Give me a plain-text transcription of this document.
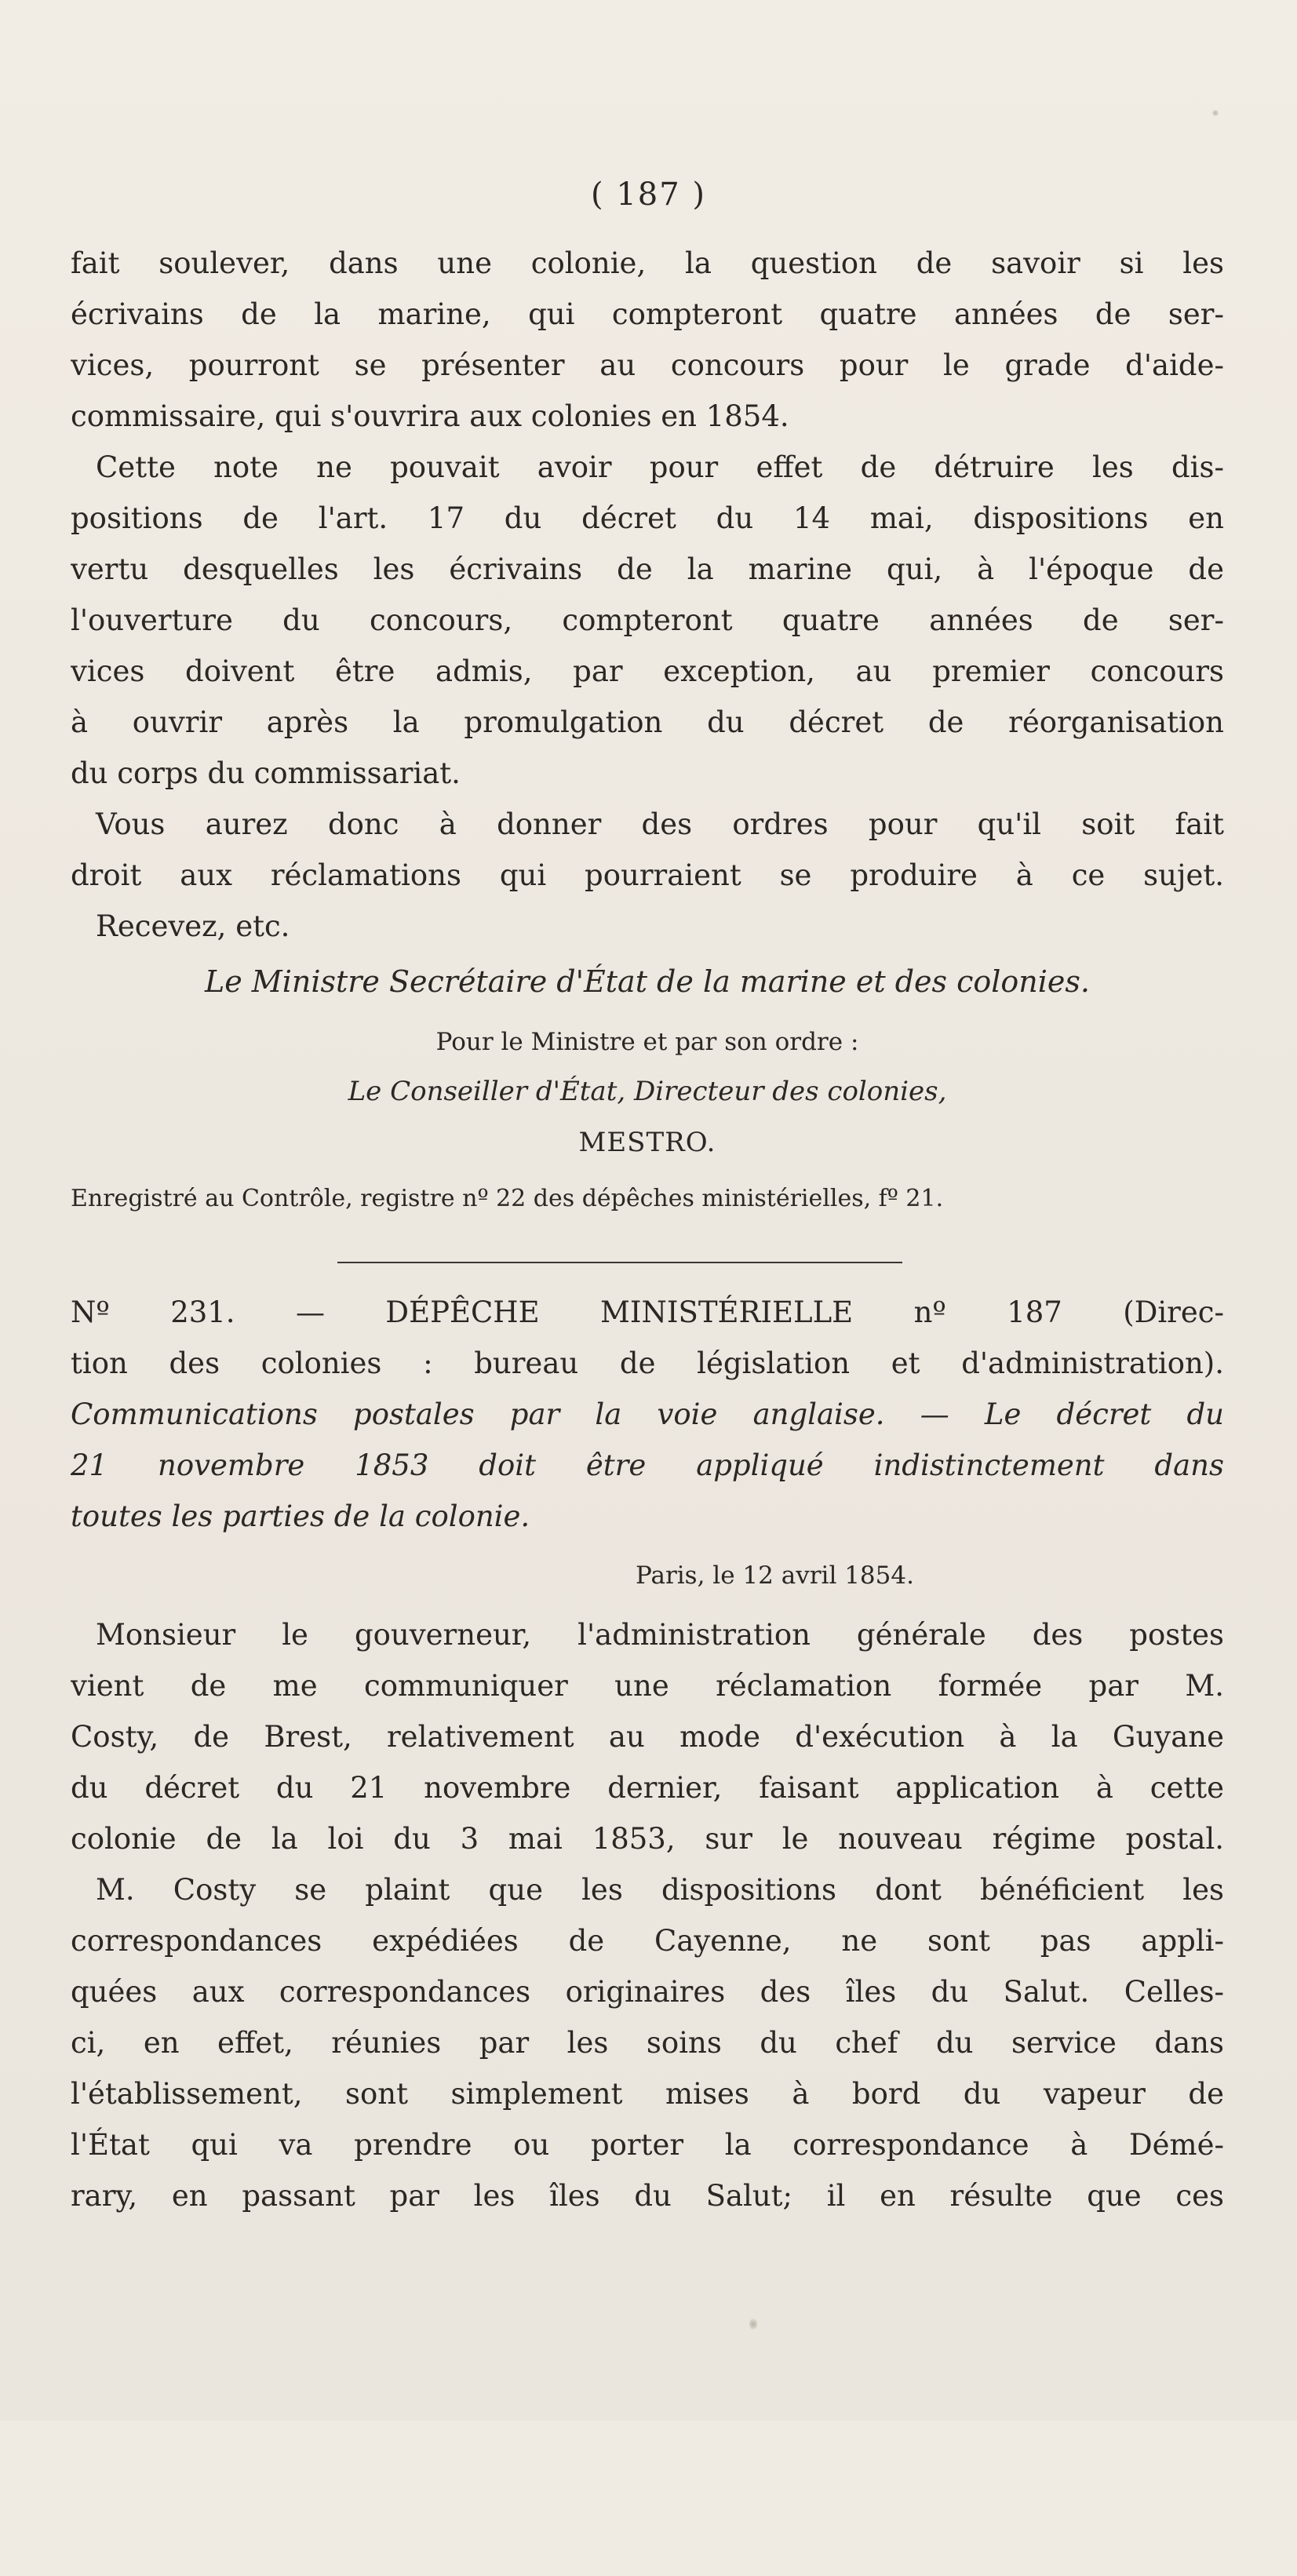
( 187 )
fait soulever, dans une colonie, la question de savoir si les
écrivains de la marine, qui compteront quatre années de ser-
vices, pourront se présenter au concours pour le grade d'aide-
commissaire, qui s'ouvrira aux colonies en 1854.
Cette note ne pouvait avoir pour effet de détruire les dis-
positions de l'art. 17 du décret du 14 mai, dispositions en
vertu desquelles les écrivains de la marine qui, à l'époque de
l'ouverture du concours, compteront quatre années de ser-
vices doivent être admis, par exception, au premier concours
à ouvrir après la promulgation du décret de réorganisation
du corps du commissariat.
Vous aurez donc à donner des ordres pour qu'il soit fait
droit aux réclamations qui pourraient se produire à ce sujet.
Recevez, etc.
Le Ministre Secrétaire d'État de la marine et des colonies.
Pour le Ministre et par son ordre :
Le Conseiller d'État, Directeur des colonies,
MESTRO.
Enregistré au Contrôle, registre nº 22 des dépêches ministérielles, fº 21.
Nº 231. — DÉPÊCHE MINISTÉRIELLE nº 187 (Direc-
tion des colonies : bureau de législation et d'administration).
Communications postales par la voie anglaise. — Le décret du
21 novembre 1853 doit être appliqué indistinctement dans
toutes les parties de la colonie.
Paris, le 12 avril 1854.
Monsieur le gouverneur, l'administration générale des postes
vient de me communiquer une réclamation formée par M.
Costy, de Brest, relativement au mode d'exécution à la Guyane
du décret du 21 novembre dernier, faisant application à cette
colonie de la loi du 3 mai 1853, sur le nouveau régime postal.
M. Costy se plaint que les dispositions dont bénéficient les
correspondances expédiées de Cayenne, ne sont pas appli-
quées aux correspondances originaires des îles du Salut. Celles-
ci, en effet, réunies par les soins du chef du service dans
l'établissement, sont simplement mises à bord du vapeur de
l'État qui va prendre ou porter la correspondance à Démé-
rary, en passant par les îles du Salut; il en résulte que ces
